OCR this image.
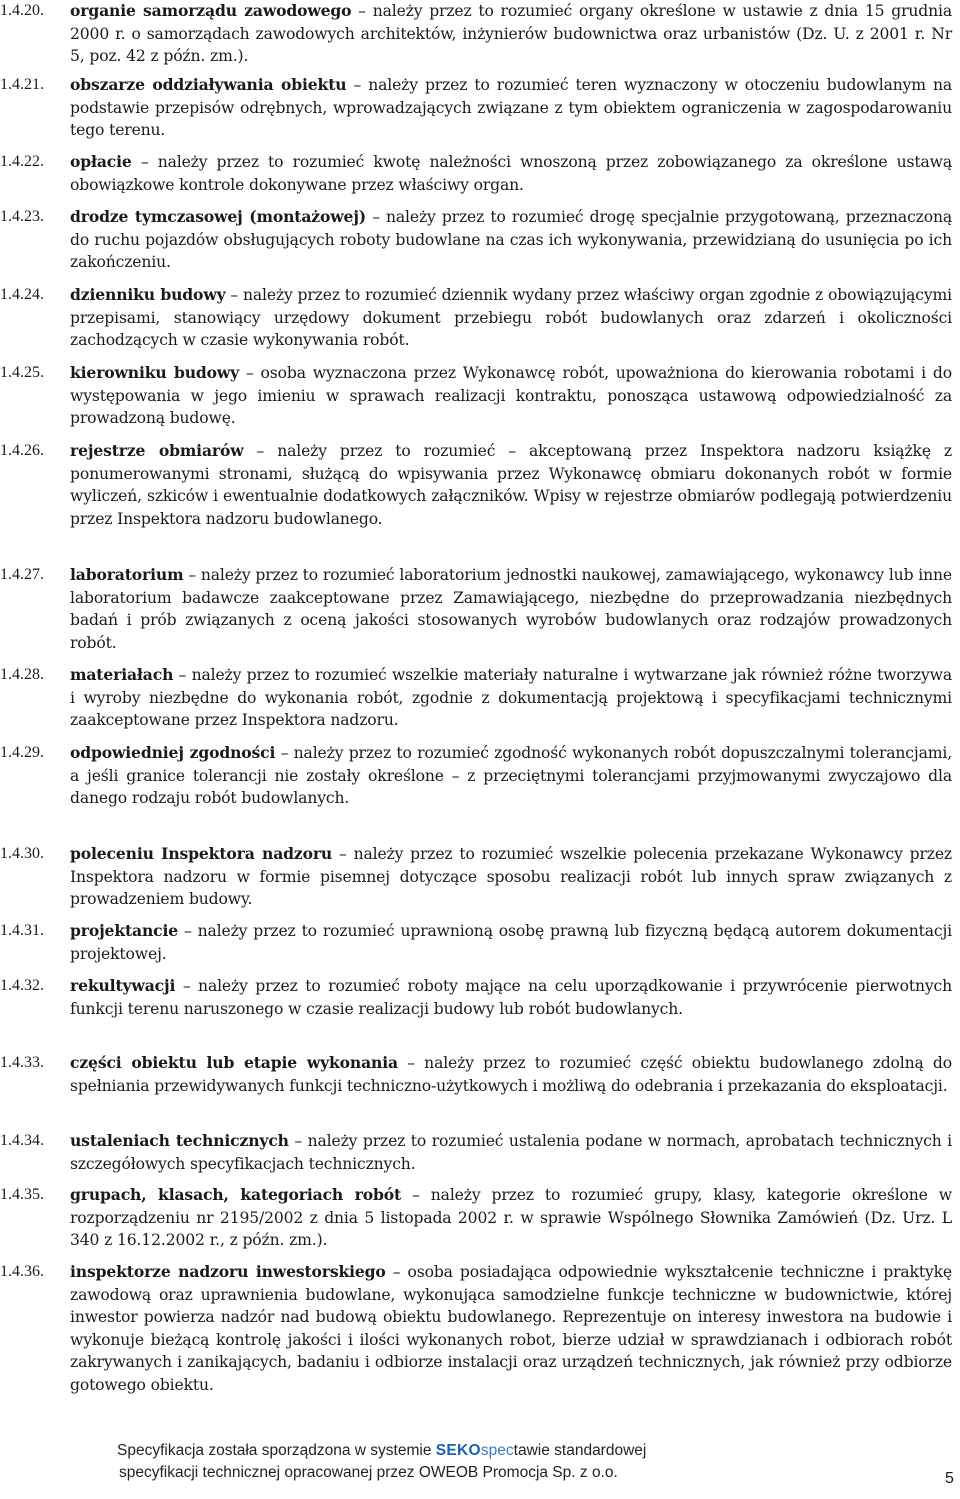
1.4.20.	organie samorządu zawodowego – należy przez to rozumieć organy określone w ustawie z dnia 15 grudnia 2000 r. o samorządach zawodowych architektów, inżynierów budownictwa oraz urbanistów (Dz. U. z 2001 r. Nr 5, poz. 42 z późn. zm.).
1.4.21.	obszarze oddziaływania obiektu – należy przez to rozumieć teren wyznaczony w otoczeniu budowlanym na podstawie przepisów odrębnych, wprowadzających związane z tym obiektem ograniczenia w zagospodarowaniu tego terenu.
1.4.22.	opłacie – należy przez to rozumieć kwotę należności wnoszoną przez zobowiązanego za określone ustawą obowiązkowe kontrole dokonywane przez właściwy organ.
1.4.23.	drodze tymczasowej (montażowej) – należy przez to rozumieć drogę specjalnie przygotowaną, przeznaczoną do ruchu pojazdów obsługujących roboty budowlane na czas ich wykonywania, przewidzianą do usunięcia po ich zakończeniu.
1.4.24.	dzienniku budowy – należy przez to rozumieć dziennik wydany przez właściwy organ zgodnie z obowiązującymi przepisami, stanowiący urzędowy dokument przebiegu robót budowlanych oraz zdarzeń i okoliczności zachodzących w czasie wykonywania robót.
1.4.25.	kierowniku budowy – osoba wyznaczona przez Wykonawcę robót, upoważniona do kierowania robotami i do występowania w jego imieniu w sprawach realizacji kontraktu, ponosząca ustawową odpowiedzialność za prowadzoną budowę.
1.4.26.	rejestrze obmiarów – należy przez to rozumieć – akceptowaną przez Inspektora nadzoru książkę z ponumerowanymi stronami, służącą do wpisywania przez Wykonawcę obmiaru dokonanych robót w formie wyliczeń, szkiców i ewentualnie dodatkowych załączników. Wpisy w rejestrze obmiarów podlegają potwierdzeniu przez Inspektora nadzoru budowlanego.
1.4.27.	laboratorium – należy przez to rozumieć laboratorium jednostki naukowej, zamawiającego, wykonawcy lub inne laboratorium badawcze zaakceptowane przez Zamawiającego, niezbędne do przeprowadzania niezbędnych badań i prób związanych z oceną jakości stosowanych wyrobów budowlanych oraz rodzajów prowadzonych robót.
1.4.28.	materiałach – należy przez to rozumieć wszelkie materiały naturalne i wytwarzane jak również różne tworzywa i wyroby niezbędne do wykonania robót, zgodnie z dokumentacją projektową i specyfikacjami technicznymi zaakceptowane przez Inspektora nadzoru.
1.4.29.	odpowiedniej zgodności – należy przez to rozumieć zgodność wykonanych robót dopuszczalnymi tolerancjami, a jeśli granice tolerancji nie zostały określone – z przeciętnymi tolerancjami przyjmowanymi zwyczajowo dla danego rodzaju robót budowlanych.
1.4.30.	poleceniu Inspektora nadzoru – należy przez to rozumieć wszelkie polecenia przekazane Wykonawcy przez Inspektora nadzoru w formie pisemnej dotyczące sposobu realizacji robót lub innych spraw związanych z prowadzeniem budowy.
1.4.31.	projektancie – należy przez to rozumieć uprawnioną osobę prawną lub fizyczną będącą autorem dokumentacji projektowej.
1.4.32.	rekultywacji – należy przez to rozumieć roboty mające na celu uporządkowanie i przywrócenie pierwotnych funkcji terenu naruszonego w czasie realizacji budowy lub robót budowlanych.
1.4.33.	części obiektu lub etapie wykonania – należy przez to rozumieć część obiektu budowlanego zdolną do spełniania przewidywanych funkcji techniczno-użytkowych i możliwą do odebrania i przekazania do eksploatacji.
1.4.34.	ustaleniach technicznych – należy przez to rozumieć ustalenia podane w normach, aprobatach technicznych i szczegółowych specyfikacjach technicznych.
1.4.35.	grupach, klasach, kategoriach robót – należy przez to rozumieć grupy, klasy, kategorie określone w rozporządzeniu nr 2195/2002 z dnia 5 listopada 2002 r. w sprawie Wspólnego Słownika Zamówień (Dz. Urz. L 340 z 16.12.2002 r., z późn. zm.).
1.4.36.	inspektorze nadzoru inwestorskiego – osoba posiadająca odpowiednie wykształcenie techniczne i praktykę zawodową oraz uprawnienia budowlane, wykonująca samodzielne funkcje techniczne w budownictwie, której inwestor powierza nadzór nad budową obiektu budowlanego. Reprezentuje on interesy inwestora na budowie i wykonuje bieżącą kontrolę jakości i ilości wykonanych robot, bierze udział w sprawdzianach i odbiorach robót zakrywanych i zanikających, badaniu i odbiorze instalacji oraz urządzeń technicznych, jak również przy odbiorze gotowego obiektu.
Specyfikacja została sporządzona w systemie SEKOspectawie standardowej
specyfikacji technicznej opracowanej przez OWEOB Promocja Sp. z o.o.	5
